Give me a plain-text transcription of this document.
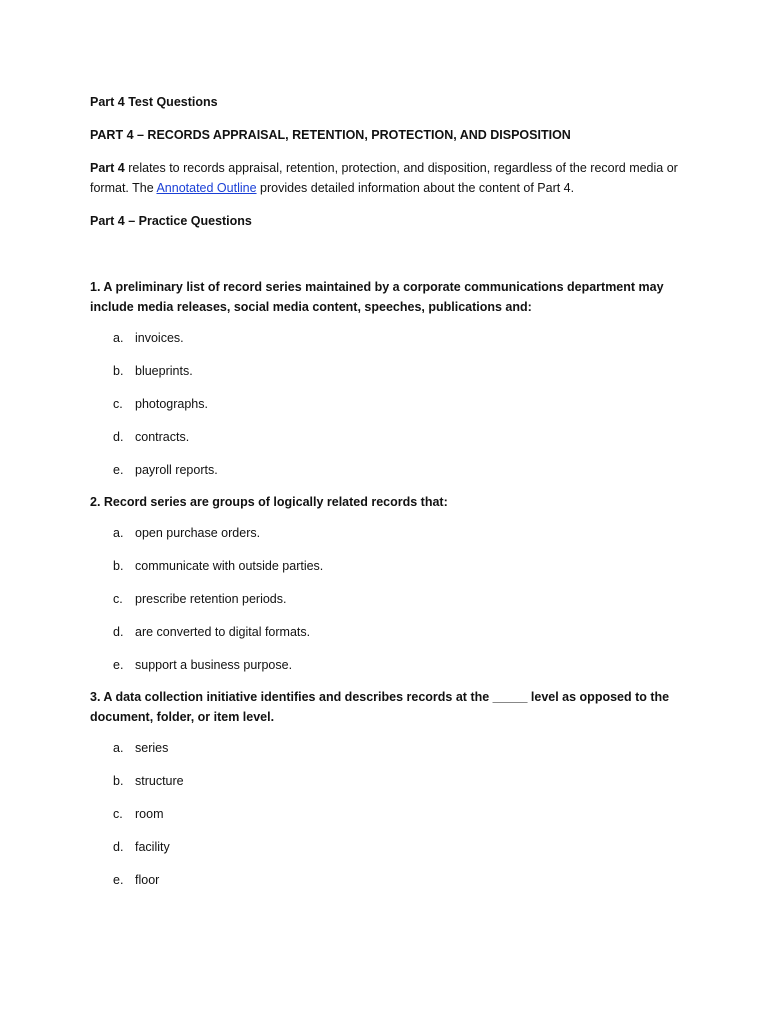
Part 4 Test Questions

PART 4 – RECORDS APPRAISAL, RETENTION, PROTECTION, AND DISPOSITION

Part 4 relates to records appraisal, retention, protection, and disposition, regardless of the record media or format. The Annotated Outline provides detailed information about the content of Part 4.

Part 4 – Practice Questions

1. A preliminary list of record series maintained by a corporate communications department may include media releases, social media content, speeches, publications and:

a. invoices.
b. blueprints.
c. photographs.
d. contracts.
e. payroll reports.

2. Record series are groups of logically related records that:

a. open purchase orders.
b. communicate with outside parties.
c. prescribe retention periods.
d. are converted to digital formats.
e. support a business purpose.

3. A data collection initiative identifies and describes records at the _____ level as opposed to the document, folder, or item level.

a. series
b. structure
c. room
d. facility
e. floor
